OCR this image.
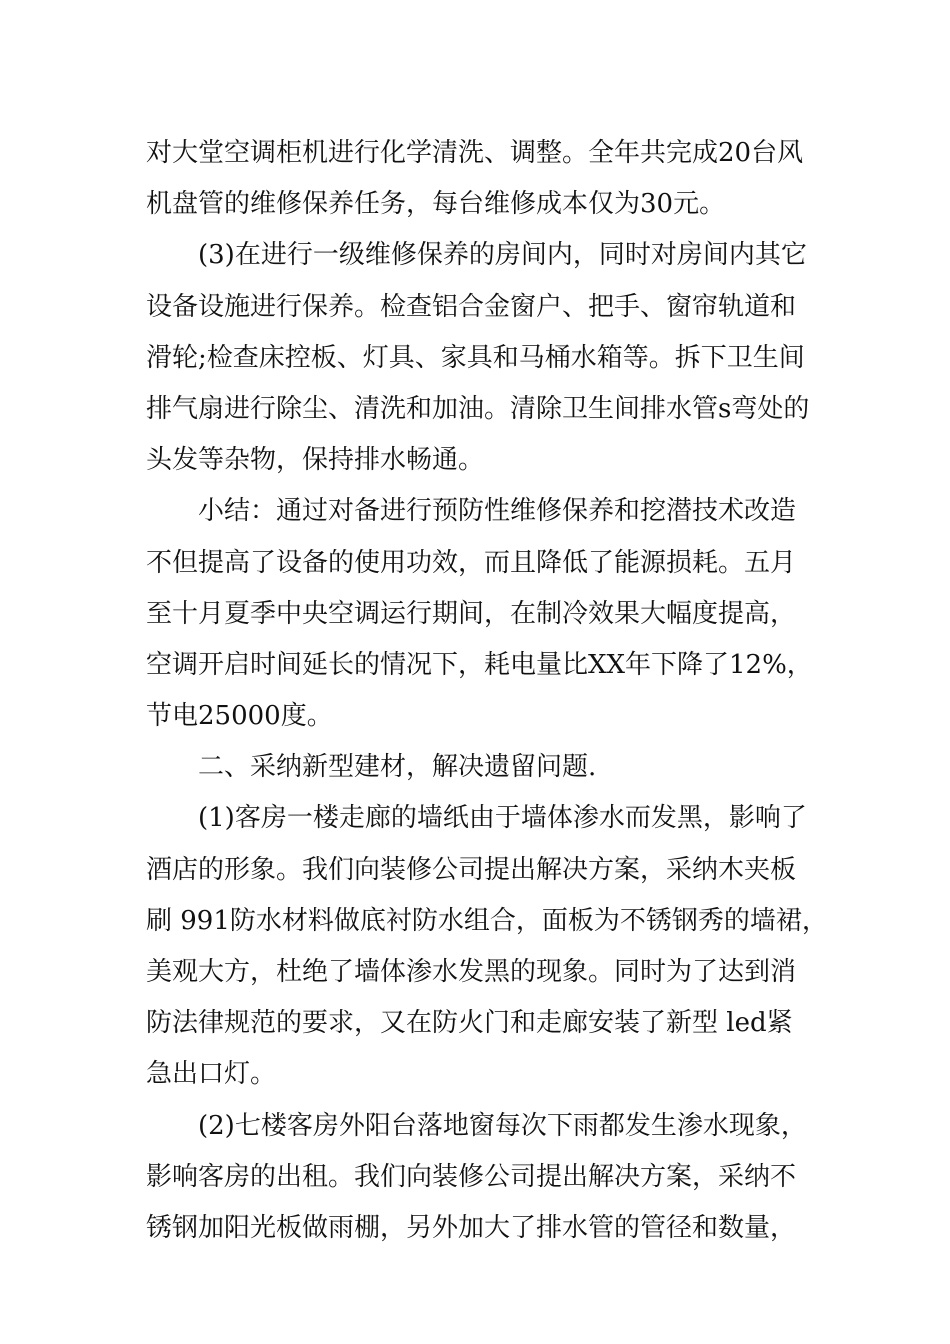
对大堂空调柜机进行化学清洗、调整。全年共完成20台风
机盘管的维修保养任务，每台维修成本仅为30元。
(3)在进行一级维修保养的房间内，同时对房间内其它
设备设施进行保养。检查铝合金窗户、把手、窗帘轨道和
滑轮;检查床控板、灯具、家具和马桶水箱等。拆下卫生间
排气扇进行除尘、清洗和加油。清除卫生间排水管s弯处的
头发等杂物，保持排水畅通。
小结：通过对备进行预防性维修保养和挖潜技术改造
不但提高了设备的使用功效，而且降低了能源损耗。五月
至十月夏季中央空调运行期间，在制冷效果大幅度提高，
空调开启时间延长的情况下，耗电量比XX年下降了12%，
节电25000度。
二、采纳新型建材，解决遗留问题.
(1)客房一楼走廊的墙纸由于墙体渗水而发黑，影响了
酒店的形象。我们向装修公司提出解决方案，采纳木夹板
刷 991防水材料做底衬防水组合，面板为不锈钢秀的墙裙，
美观大方，杜绝了墙体渗水发黑的现象。同时为了达到消
防法律规范的要求，又在防火门和走廊安装了新型 led紧
急出口灯。
(2)七楼客房外阳台落地窗每次下雨都发生渗水现象，
影响客房的出租。我们向装修公司提出解决方案，采纳不
锈钢加阳光板做雨棚，另外加大了排水管的管径和数量，
